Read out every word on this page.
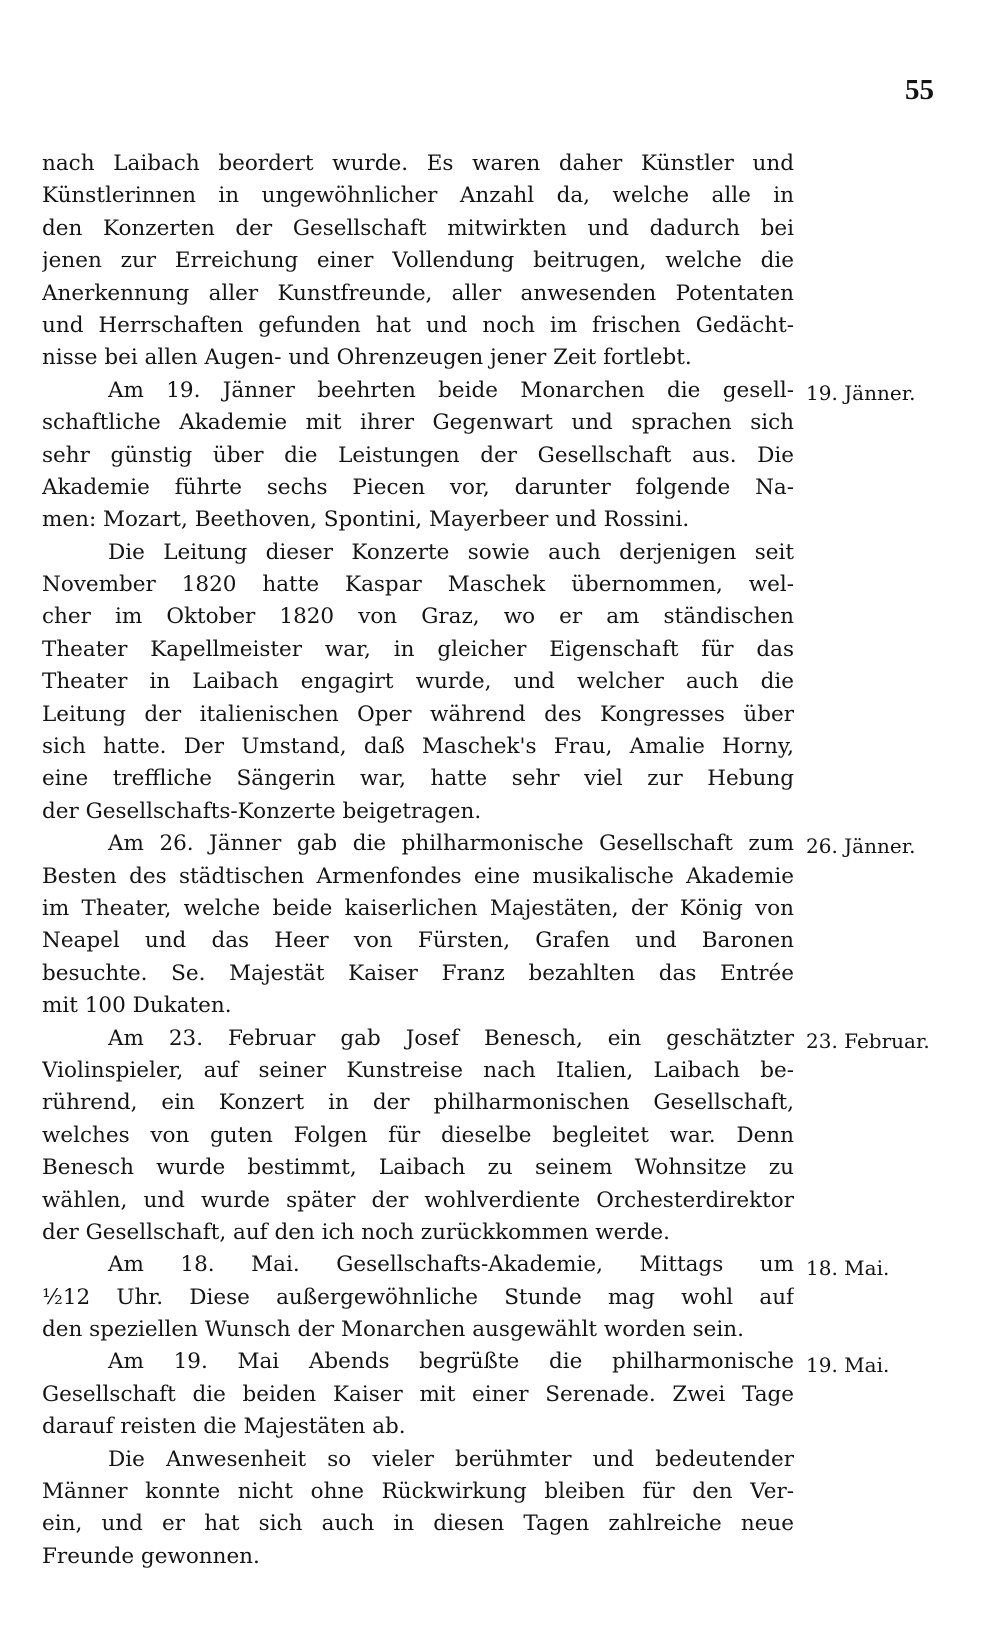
55
nach Laibach beordert wurde. Es waren daher Künstler und
Künstlerinnen in ungewöhnlicher Anzahl da, welche alle in
den Konzerten der Gesellschaft mitwirkten und dadurch bei
jenen zur Erreichung einer Vollendung beitrugen, welche die
Anerkennung aller Kunstfreunde, aller anwesenden Potentaten
und Herrschaften gefunden hat und noch im frischen Gedächt-
nisse bei allen Augen- und Ohrenzeugen jener Zeit fortlebt.
Am 19. Jänner beehrten beide Monarchen die gesell-
schaftliche Akademie mit ihrer Gegenwart und sprachen sich
sehr günstig über die Leistungen der Gesellschaft aus. Die
Akademie führte sechs Piecen vor, darunter folgende Na-
men: Mozart, Beethoven, Spontini, Mayerbeer und Rossini.
Die Leitung dieser Konzerte sowie auch derjenigen seit
November 1820 hatte Kaspar Maschek übernommen, wel-
cher im Oktober 1820 von Graz, wo er am ständischen
Theater Kapellmeister war, in gleicher Eigenschaft für das
Theater in Laibach engagirt wurde, und welcher auch die
Leitung der italienischen Oper während des Kongresses über
sich hatte. Der Umstand, daß Maschek's Frau, Amalie Horny,
eine treffliche Sängerin war, hatte sehr viel zur Hebung
der Gesellschafts-Konzerte beigetragen.
Am 26. Jänner gab die philharmonische Gesellschaft zum
Besten des städtischen Armenfondes eine musikalische Akademie
im Theater, welche beide kaiserlichen Majestäten, der König von
Neapel und das Heer von Fürsten, Grafen und Baronen
besuchte. Se. Majestät Kaiser Franz bezahlten das Entrée
mit 100 Dukaten.
Am 23. Februar gab Josef Benesch, ein geschätzter
Violinspieler, auf seiner Kunstreise nach Italien, Laibach be-
rührend, ein Konzert in der philharmonischen Gesellschaft,
welches von guten Folgen für dieselbe begleitet war. Denn
Benesch wurde bestimmt, Laibach zu seinem Wohnsitze zu
wählen, und wurde später der wohlverdiente Orchesterdirektor
der Gesellschaft, auf den ich noch zurückkommen werde.
Am 18. Mai. Gesellschafts-Akademie, Mittags um
½12 Uhr. Diese außergewöhnliche Stunde mag wohl auf
den speziellen Wunsch der Monarchen ausgewählt worden sein.
Am 19. Mai Abends begrüßte die philharmonische
Gesellschaft die beiden Kaiser mit einer Serenade. Zwei Tage
darauf reisten die Majestäten ab.
Die Anwesenheit so vieler berühmter und bedeutender
Männer konnte nicht ohne Rückwirkung bleiben für den Ver-
ein, und er hat sich auch in diesen Tagen zahlreiche neue
Freunde gewonnen.
19. Jänner.
26. Jänner.
23. Februar.
18. Mai.
19. Mai.
